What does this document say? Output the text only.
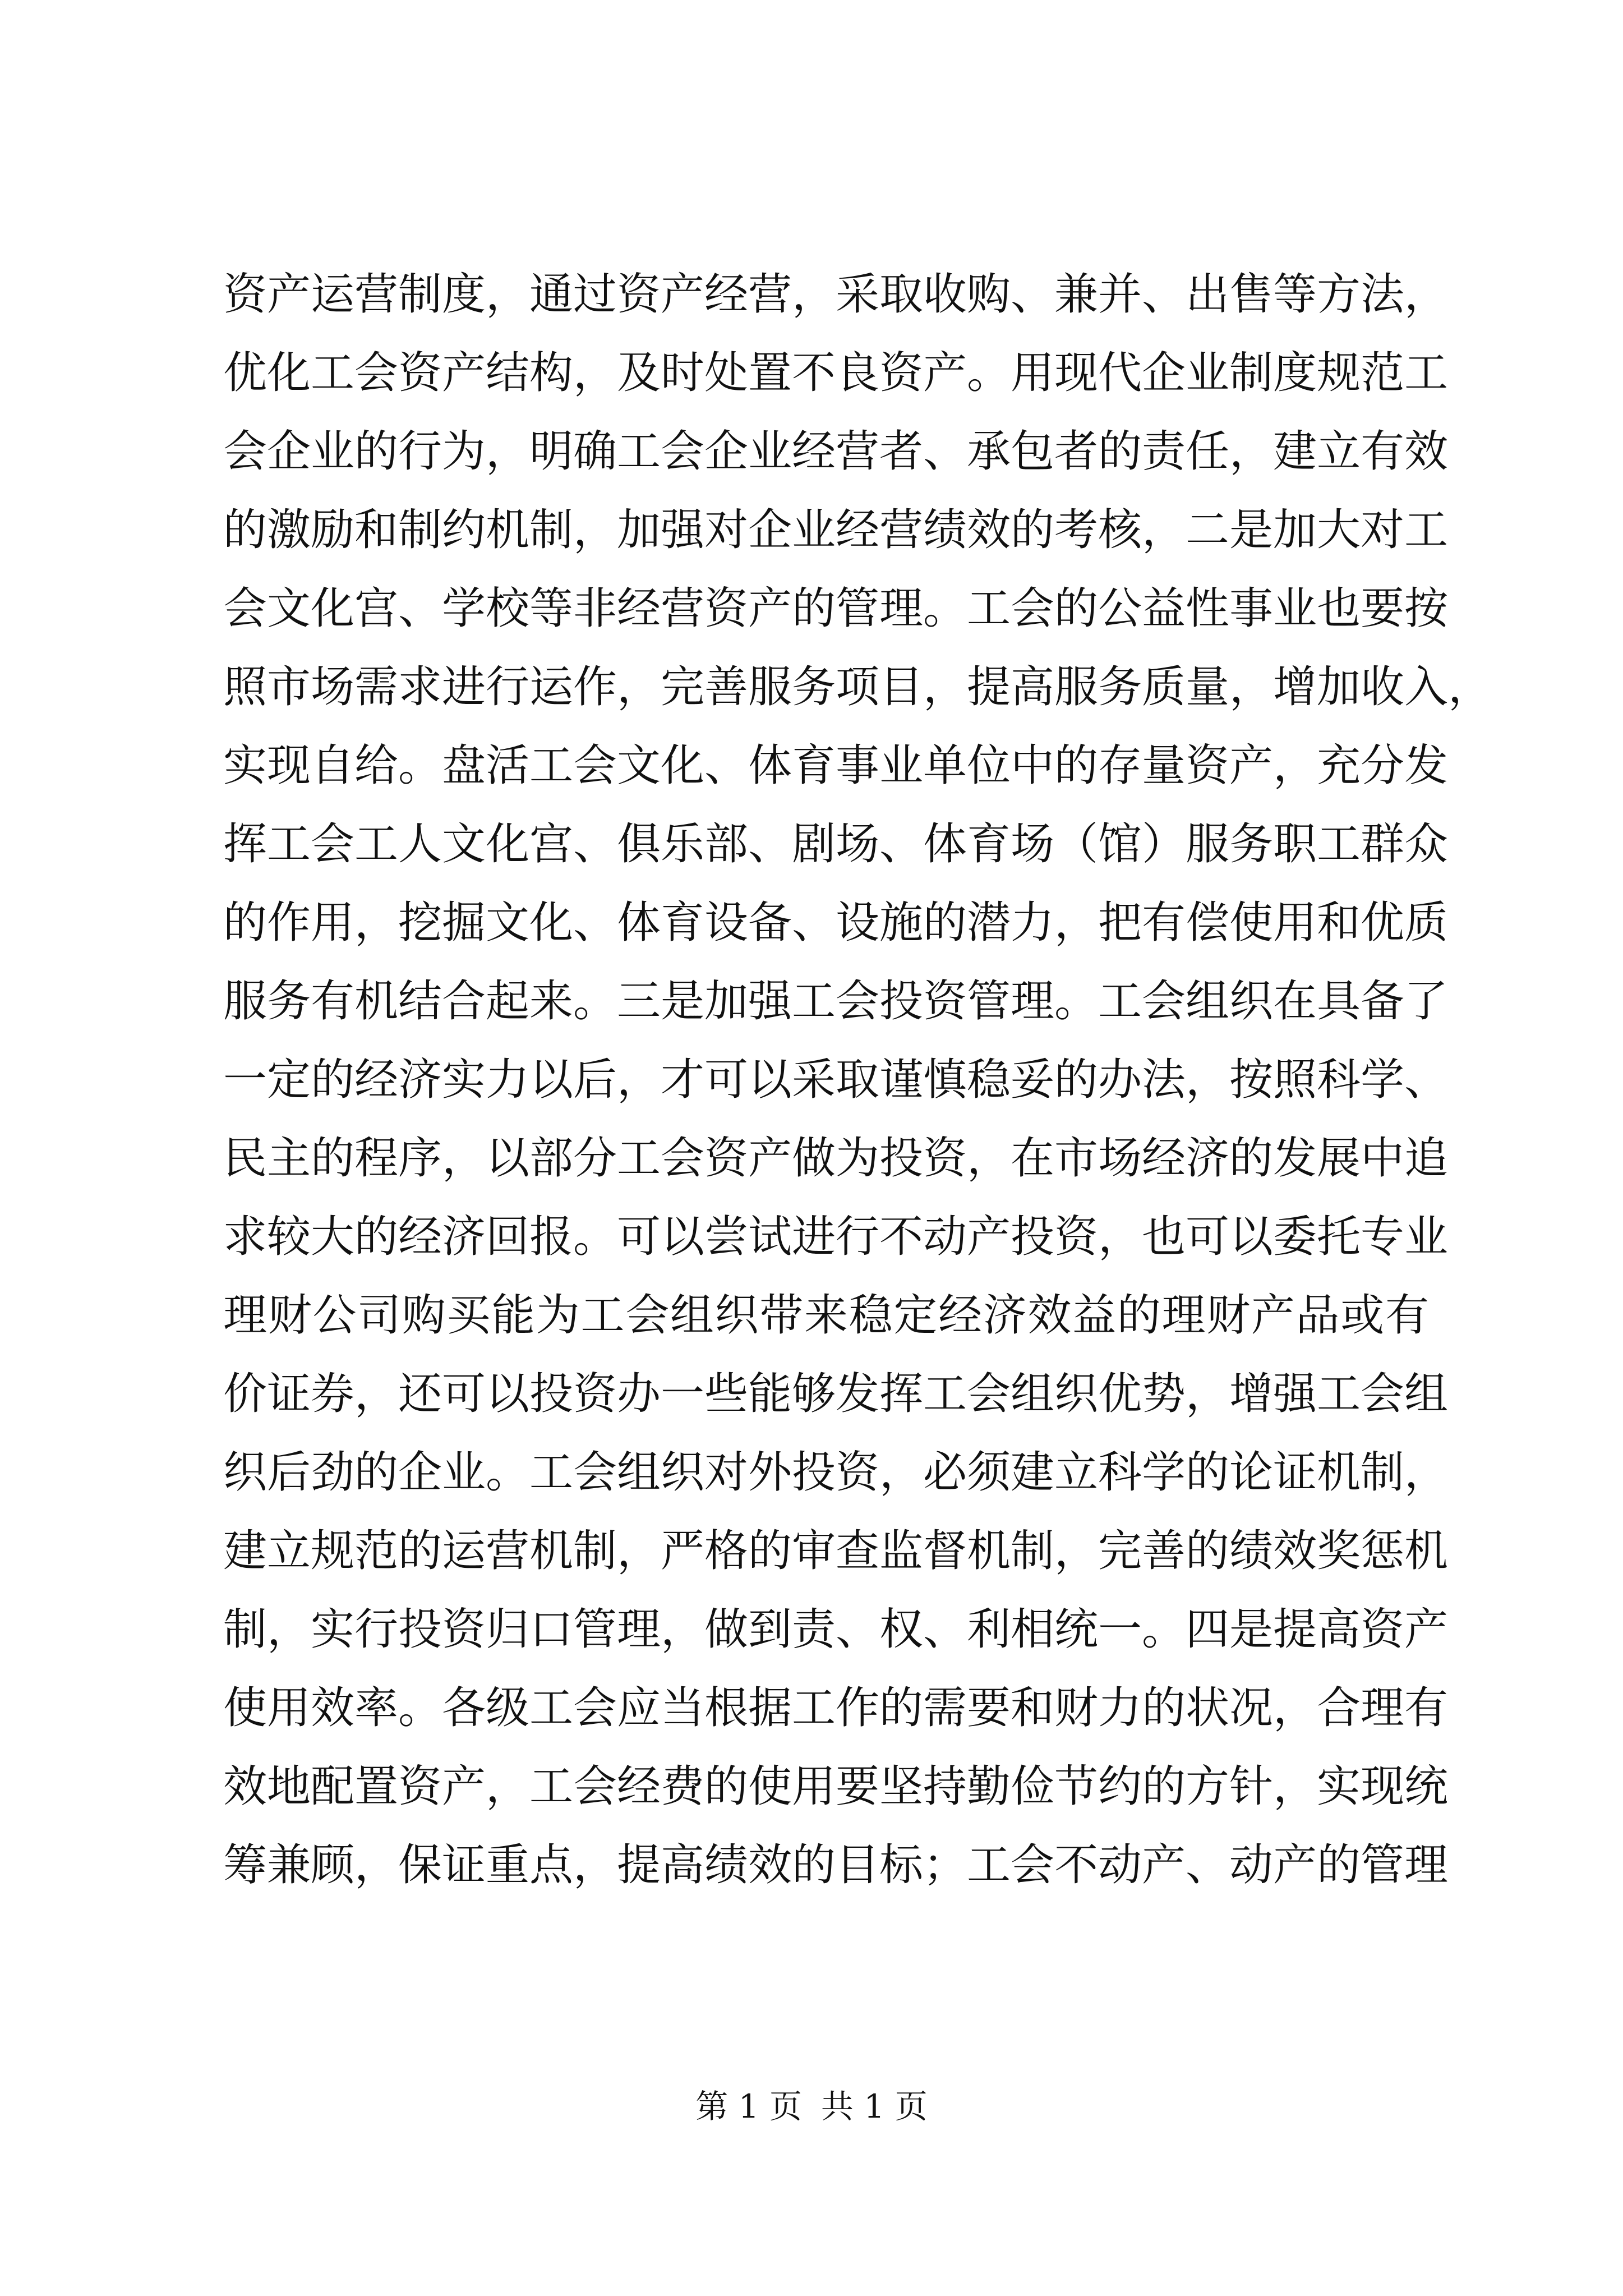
资产运营制度，通过资产经营，采取收购、兼并、出售等方法，
优化工会资产结构，及时处置不良资产。用现代企业制度规范工
会企业的行为，明确工会企业经营者、承包者的责任，建立有效
的激励和制约机制，加强对企业经营绩效的考核，二是加大对工
会文化宫、学校等非经营资产的管理。工会的公益性事业也要按
照市场需求进行运作，完善服务项目，提高服务质量，增加收入，
实现自给。盘活工会文化、体育事业单位中的存量资产，充分发
挥工会工人文化宫、俱乐部、剧场、体育场（馆）服务职工群众
的作用，挖掘文化、体育设备、设施的潜力，把有偿使用和优质
服务有机结合起来。三是加强工会投资管理。工会组织在具备了
一定的经济实力以后，才可以采取谨慎稳妥的办法，按照科学、
民主的程序，以部分工会资产做为投资，在市场经济的发展中追
求较大的经济回报。可以尝试进行不动产投资，也可以委托专业
理财公司购买能为工会组织带来稳定经济效益的理财产品或有
价证券，还可以投资办一些能够发挥工会组织优势，增强工会组
织后劲的企业。工会组织对外投资，必须建立科学的论证机制，
建立规范的运营机制，严格的审查监督机制，完善的绩效奖惩机
制，实行投资归口管理，做到责、权、利相统一。四是提高资产
使用效率。各级工会应当根据工作的需要和财力的状况，合理有
效地配置资产，工会经费的使用要坚持勤俭节约的方针，实现统
筹兼顾，保证重点，提高绩效的目标；工会不动产、动产的管理
第 1 页 共 1 页
